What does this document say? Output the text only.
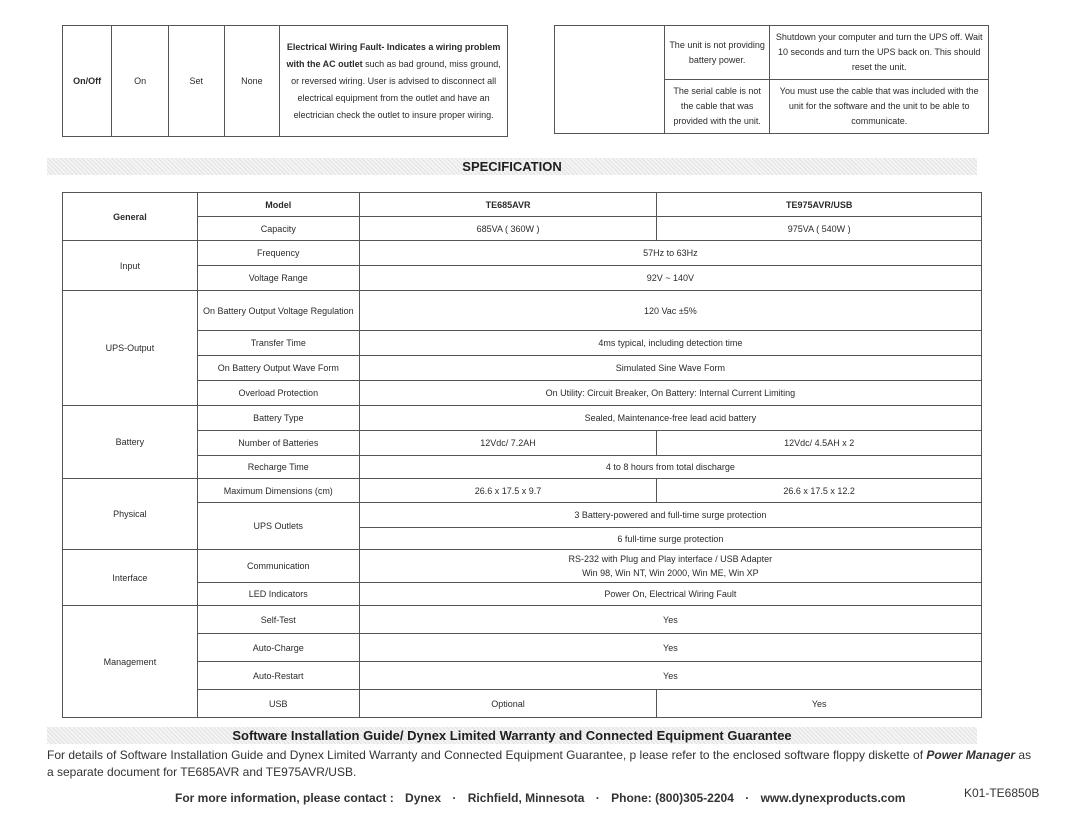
On/Off	On	Set	None	Electrical Wiring Fault- Indicates a wiring problem with the AC outlet such as bad ground, miss ground, or reversed wiring. User is advised to disconnect all electrical equipment from the outlet and have an electrician check the outlet to insure proper wiring.
	The unit is not providing battery power.	Shutdown your computer and turn the UPS off. Wait 10 seconds and turn the UPS back on. This should reset the unit.
	The serial cable is not the cable that was provided with the unit.	You must use the cable that was included with the unit for the software and the unit to be able to communicate.
SPECIFICATION
General	Model	TE685AVR	TE975AVR/USB
	Capacity	685VA ( 360W )	975VA ( 540W )
Input	Frequency	57Hz to 63Hz	
	Voltage Range	92V ~ 140V	
UPS-Output	On Battery Output Voltage Regulation	120 Vac ±5%	
	Transfer Time	4ms typical, including detection time	
	On Battery Output Wave Form	Simulated Sine Wave Form	
	Overload Protection	On Utility: Circuit Breaker, On Battery: Internal Current Limiting	
Battery	Battery Type	Sealed, Maintenance-free lead acid battery	
	Number of Batteries	12Vdc/ 7.2AH	12Vdc/ 4.5AH x 2
	Recharge Time	4 to 8 hours from total discharge	
Physical	Maximum Dimensions (cm)	26.6 x 17.5 x 9.7	26.6 x 17.5 x 12.2
	UPS Outlets	3 Battery-powered and full-time surge protection	
		6 full-time surge protection	
Interface	Communication	RS-232 with Plug and Play interface / USB Adapter
Win 98, Win NT, Win 2000, Win ME, Win XP	

	LED Indicators	Power On, Electrical Wiring Fault	
Management	Self-Test	Yes	
	Auto-Charge	Yes	
	Auto-Restart	Yes	
	USB	Optional	Yes
Software Installation Guide/ Dynex Limited Warranty and Connected Equipment Guarantee
For details of Software Installation Guide and Dynex Limited Warranty and Connected Equipment Guarantee, p lease refer to the enclosed software floppy diskette of Power Manager as a separate document for TE685AVR and TE975AVR/USB.
For more information, please contact : Dynex · Richfield, Minnesota · Phone: (800)305-2204 · www.dynexproducts.com	K01-TE6850B
